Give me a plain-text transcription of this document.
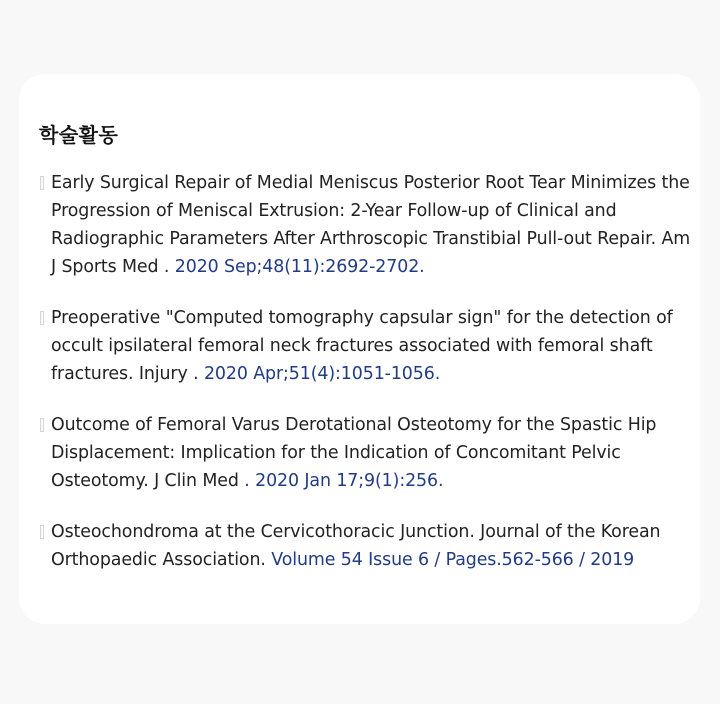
학술활동
Early Surgical Repair of Medial Meniscus Posterior Root Tear Minimizes the Progression of Meniscal Extrusion: 2-Year Follow-up of Clinical and Radiographic Parameters After Arthroscopic Transtibial Pull-out Repair. Am J Sports Med . 2020 Sep;48(11):2692-2702.
Preoperative "Computed tomography capsular sign" for the detection of occult ipsilateral femoral neck fractures associated with femoral shaft fractures. Injury . 2020 Apr;51(4):1051-1056.
Outcome of Femoral Varus Derotational Osteotomy for the Spastic Hip Displacement: Implication for the Indication of Concomitant Pelvic Osteotomy. J Clin Med . 2020 Jan 17;9(1):256.
Osteochondroma at the Cervicothoracic Junction. Journal of the Korean Orthopaedic Association. Volume 54 Issue 6 / Pages.562-566 / 2019
